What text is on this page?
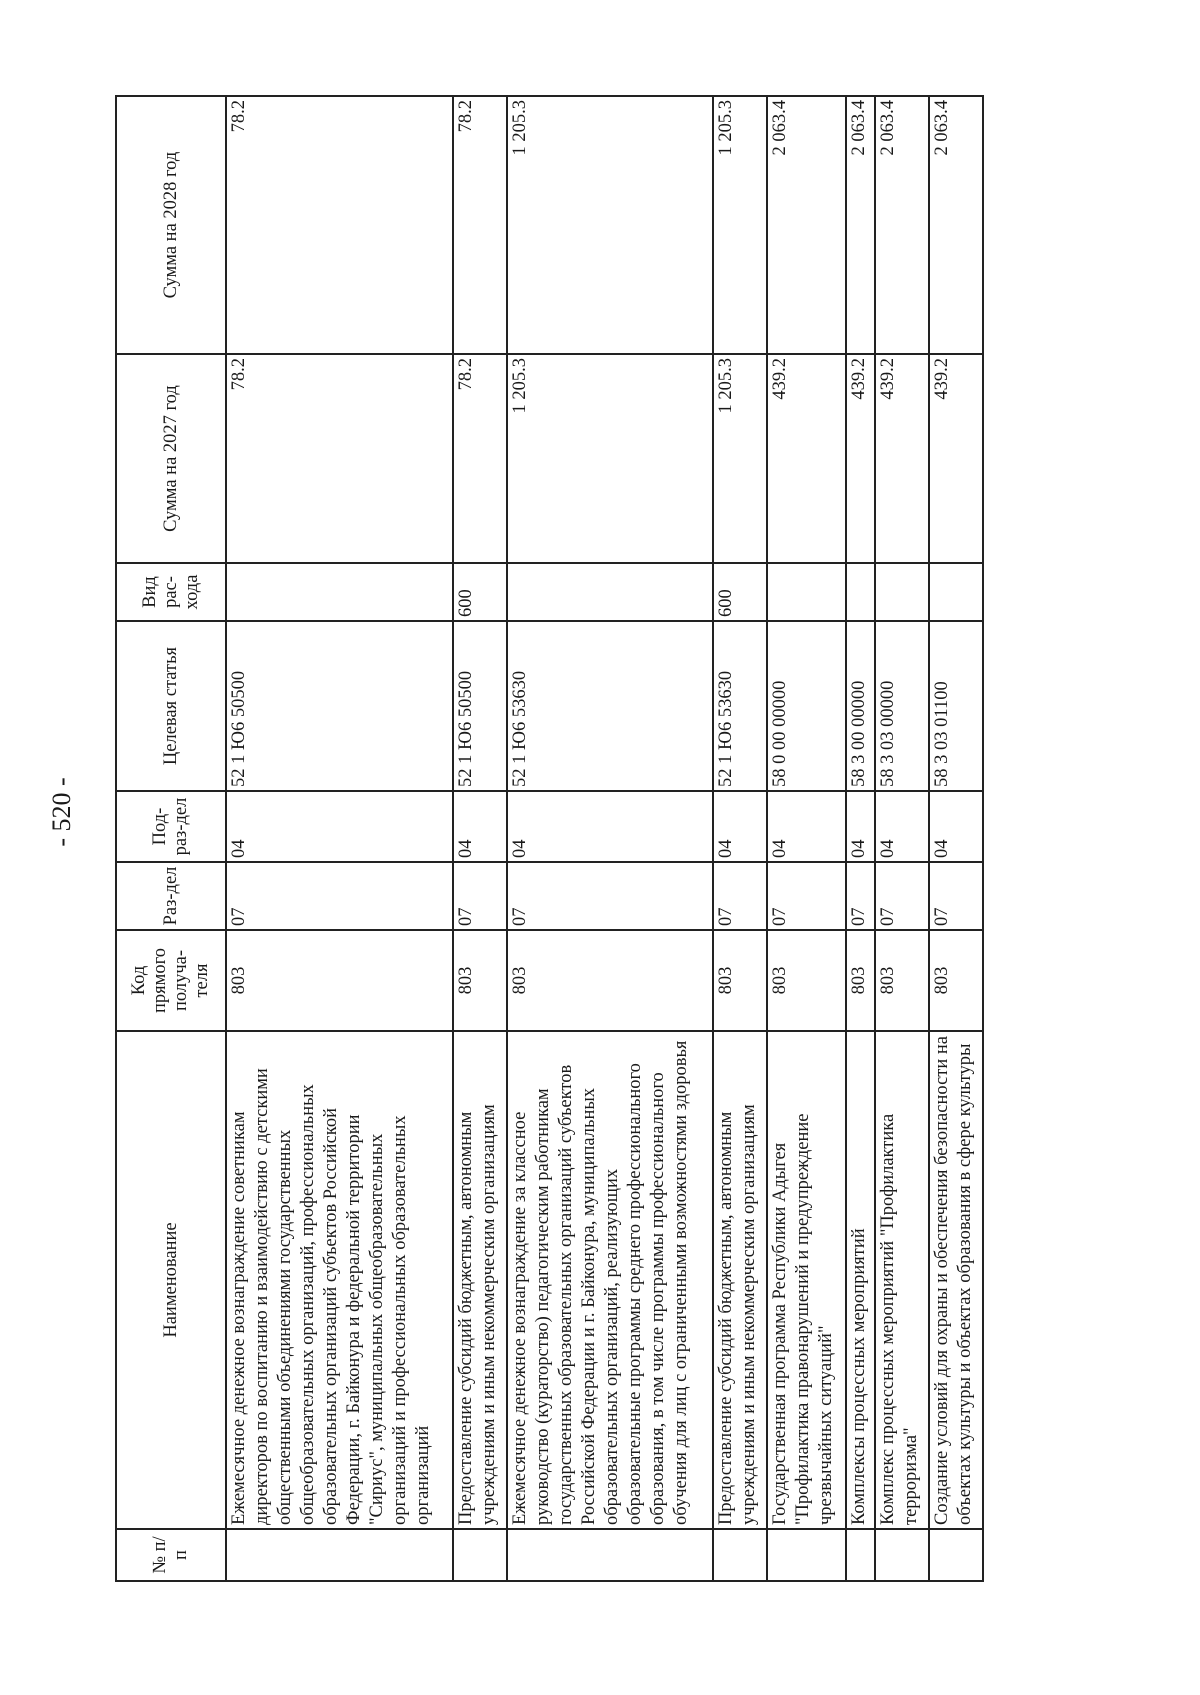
- 520 -
№ п/п	Наименование	Код прямого получа-теля	Раз-дел	Под-раз-дел	Целевая статья	Вид рас-хода	Сумма на 2027 год	Сумма на 2028 год
	Ежемесячное денежное вознаграждение советникам директоров по воспитанию и взаимодействию с детскими общественными объединениями государственных общеобразовательных организаций, профессиональных образовательных организаций субъектов Российской Федерации, г. Байконура и федеральной территории "Сириус", муниципальных общеобразовательных организаций и профессиональных образовательных организаций	803	07	04	52 1 Ю6 50500		78.2	78.2
	Предоставление субсидий бюджетным, автономным учреждениям и иным некоммерческим организациям	803	07	04	52 1 Ю6 50500	600	78.2	78.2
	Ежемесячное денежное вознаграждение за классное руководство (кураторство) педагогическим работникам государственных образовательных организаций субъектов Российской Федерации и г. Байконура, муниципальных образовательных организаций, реализующих образовательные программы среднего профессионального образования, в том числе программы профессионального обучения для лиц с ограниченными возможностями здоровья	803	07	04	52 1 Ю6 53630		1 205.3	1 205.3
	Предоставление субсидий бюджетным, автономным учреждениям и иным некоммерческим организациям	803	07	04	52 1 Ю6 53630	600	1 205.3	1 205.3
	Государственная программа Республики Адыгея "Профилактика правонарушений и предупреждение чрезвычайных ситуаций"	803	07	04	58 0 00 00000		439.2	2 063.4
	Комплексы процессных мероприятий	803	07	04	58 3 00 00000		439.2	2 063.4
	Комплекс процессных мероприятий "Профилактика терроризма"	803	07	04	58 3 03 00000		439.2	2 063.4
	Создание условий для охраны и обеспечения безопасности на объектах культуры и объектах образования в сфере культуры	803	07	04	58 3 03 01100		439.2	2 063.4
